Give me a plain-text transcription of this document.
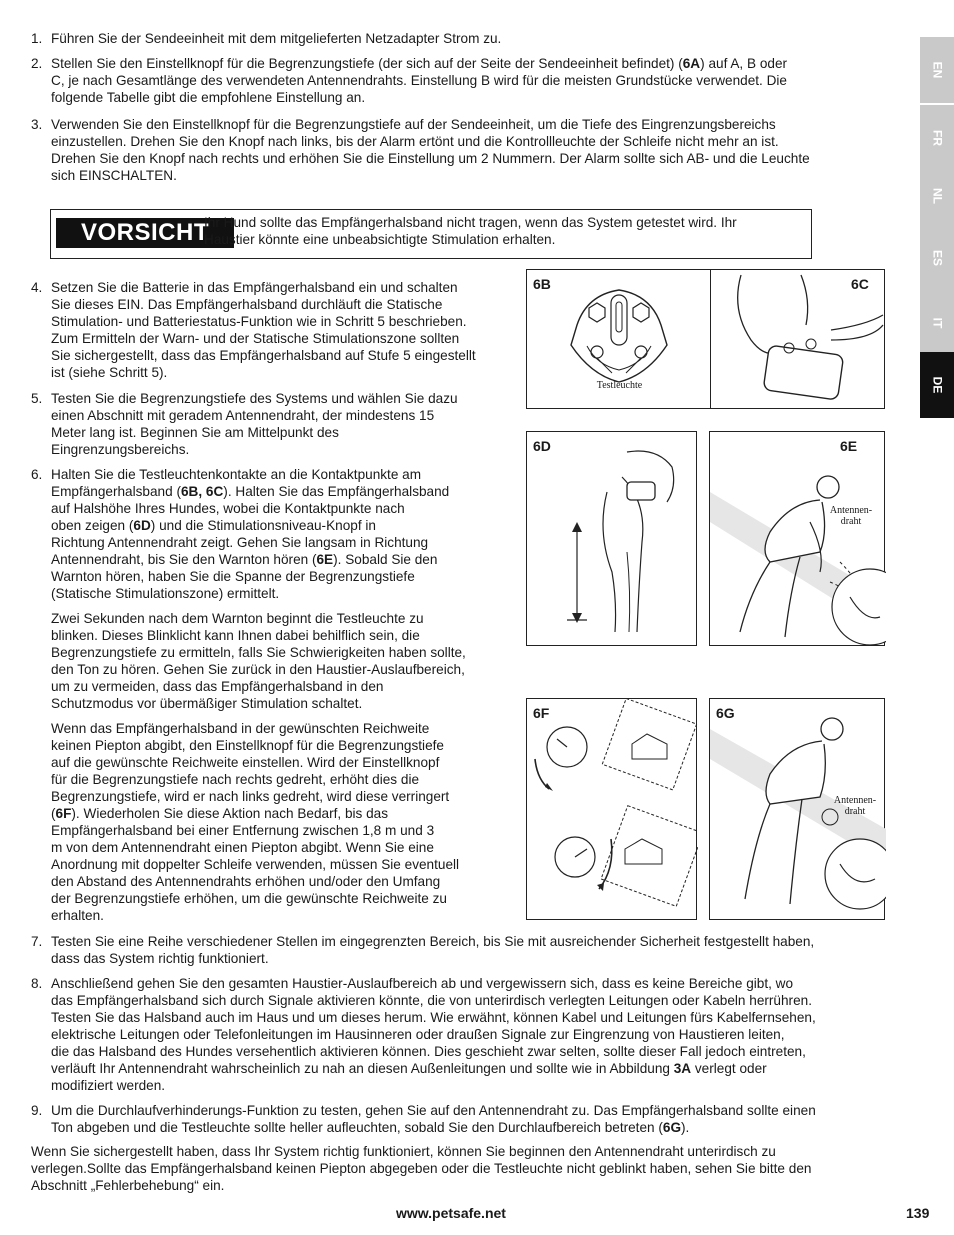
EN
FR
NL
ES
IT
DE
1. Führen Sie der Sendeeinheit mit dem mitgelieferten Netzadapter Strom zu.
2. Stellen Sie den Einstellknopf für die Begrenzungstiefe (der sich auf der Seite der Sendeeinheit befindet) (6A) auf A, B oder
C, je nach Gesamtlänge des verwendeten Antennendrahts. Einstellung B wird für die meisten Grundstücke verwendet. Die
folgende Tabelle gibt die empfohlene Einstellung an.
3. Verwenden Sie den Einstellknopf für die Begrenzungstiefe auf der Sendeeinheit, um die Tiefe des Eingrenzungsbereichs
einzustellen. Drehen Sie den Knopf nach links, bis der Alarm ertönt und die Kontrollleuchte der Schleife nicht mehr an ist.
Drehen Sie den Knopf nach rechts und erhöhen Sie die Einstellung um 2 Nummern. Der Alarm sollte sich AB- und die Leuchte
sich EINSCHALTEN.
VORSICHT
Ihr Hund sollte das Empfängerhalsband nicht tragen, wenn das System getestet wird. Ihr
Haustier könnte eine unbeabsichtigte Stimulation erhalten.
4. Setzen Sie die Batterie in das Empfängerhalsband ein und schalten
Sie dieses EIN. Das Empfängerhalsband durchläuft die Statische
Stimulation- und Batteriestatus-Funktion wie in Schritt 5 beschrieben.
Zum Ermitteln der Warn- und der Statische Stimulationszone sollten
Sie sichergestellt, dass das Empfängerhalsband auf Stufe 5 eingestellt
ist (siehe Schritt 5).
5. Testen Sie die Begrenzungstiefe des Systems und wählen Sie dazu
einen Abschnitt mit geradem Antennendraht, der mindestens 15
Meter lang ist. Beginnen Sie am Mittelpunkt des
Eingrenzungsbereichs.
6. Halten Sie die Testleuchtenkontakte an die Kontaktpunkte am
Empfängerhalsband (6B, 6C). Halten Sie das Empfängerhalsband
auf Halshöhe Ihres Hundes, wobei die Kontaktpunkte nach
oben zeigen (6D) und die Stimulationsniveau-Knopf in
Richtung Antennendraht zeigt. Gehen Sie langsam in Richtung
Antennendraht, bis Sie den Warnton hören (6E). Sobald Sie den
Warnton hören, haben Sie die Spanne der Begrenzungstiefe
(Statische Stimulationszone) ermittelt.
Zwei Sekunden nach dem Warnton beginnt die Testleuchte zu
blinken. Dieses Blinklicht kann Ihnen dabei behilflich sein, die
Begrenzungstiefe zu ermitteln, falls Sie Schwierigkeiten haben sollte,
den Ton zu hören. Gehen Sie zurück in den Haustier-Auslaufbereich,
um zu vermeiden, dass das Empfängerhalsband in den
Schutzmodus vor übermäßiger Stimulation schaltet.
Wenn das Empfängerhalsband in der gewünschten Reichweite
keinen Piepton abgibt, den Einstellknopf für die Begrenzungstiefe
auf die gewünschte Reichweite einstellen. Wird der Einstellknopf
für die Begrenzungstiefe nach rechts gedreht, erhöht dies die
Begrenzungstiefe, wird er nach links gedreht, wird diese verringert
(6F). Wiederholen Sie diese Aktion nach Bedarf, bis das
Empfängerhalsband bei einer Entfernung zwischen 1,8 m und 3
m von dem Antennendraht einen Piepton abgibt. Wenn Sie eine
Anordnung mit doppelter Schleife verwenden, müssen Sie eventuell
den Abstand des Antennendrahts erhöhen und/oder den Umfang
der Begrenzungstiefe erhöhen, um die gewünschte Reichweite zu
erhalten.
7. Testen Sie eine Reihe verschiedener Stellen im eingegrenzten Bereich, bis Sie mit ausreichender Sicherheit festgestellt haben,
dass das System richtig funktioniert.
8. Anschließend gehen Sie den gesamten Haustier-Auslaufbereich ab und vergewissern sich, dass es keine Bereiche gibt, wo
das Empfängerhalsband sich durch Signale aktivieren könnte, die von unterirdisch verlegten Leitungen oder Kabeln herrühren.
Testen Sie das Halsband auch im Haus und um dieses herum. Wie erwähnt, können Kabel und Leitungen fürs Kabelfernsehen,
elektrische Leitungen oder Telefonleitungen im Hausinneren oder draußen Signale zur Eingrenzung von Haustieren leiten,
die das Halsband des Hundes versehentlich aktivieren können. Dies geschieht zwar selten, sollte dieser Fall jedoch eintreten,
verläuft Ihr Antennendraht wahrscheinlich zu nah an diesen Außenleitungen und sollte wie in Abbildung 3A verlegt oder
modifiziert werden.
9. Um die Durchlaufverhinderungs-Funktion zu testen, gehen Sie auf den Antennendraht zu. Das Empfängerhalsband sollte einen
Ton abgeben und die Testleuchte sollte heller aufleuchten, sobald Sie den Durchlaufbereich betreten (6G).
Wenn Sie sichergestellt haben, dass Ihr System richtig funktioniert, können Sie beginnen den Antennendraht unterirdisch zu
verlegen.Sollte das Empfängerhalsband keinen Piepton abgegeben oder die Testleuchte nicht geblinkt haben, sehen Sie bitte den
Abschnitt „Fehlerbehebung“ ein.
6B
Testleuchte
6C
6D	6E
Antennen-
draht
6F	6G
Antennen-
draht
www.petsafe.net	139
